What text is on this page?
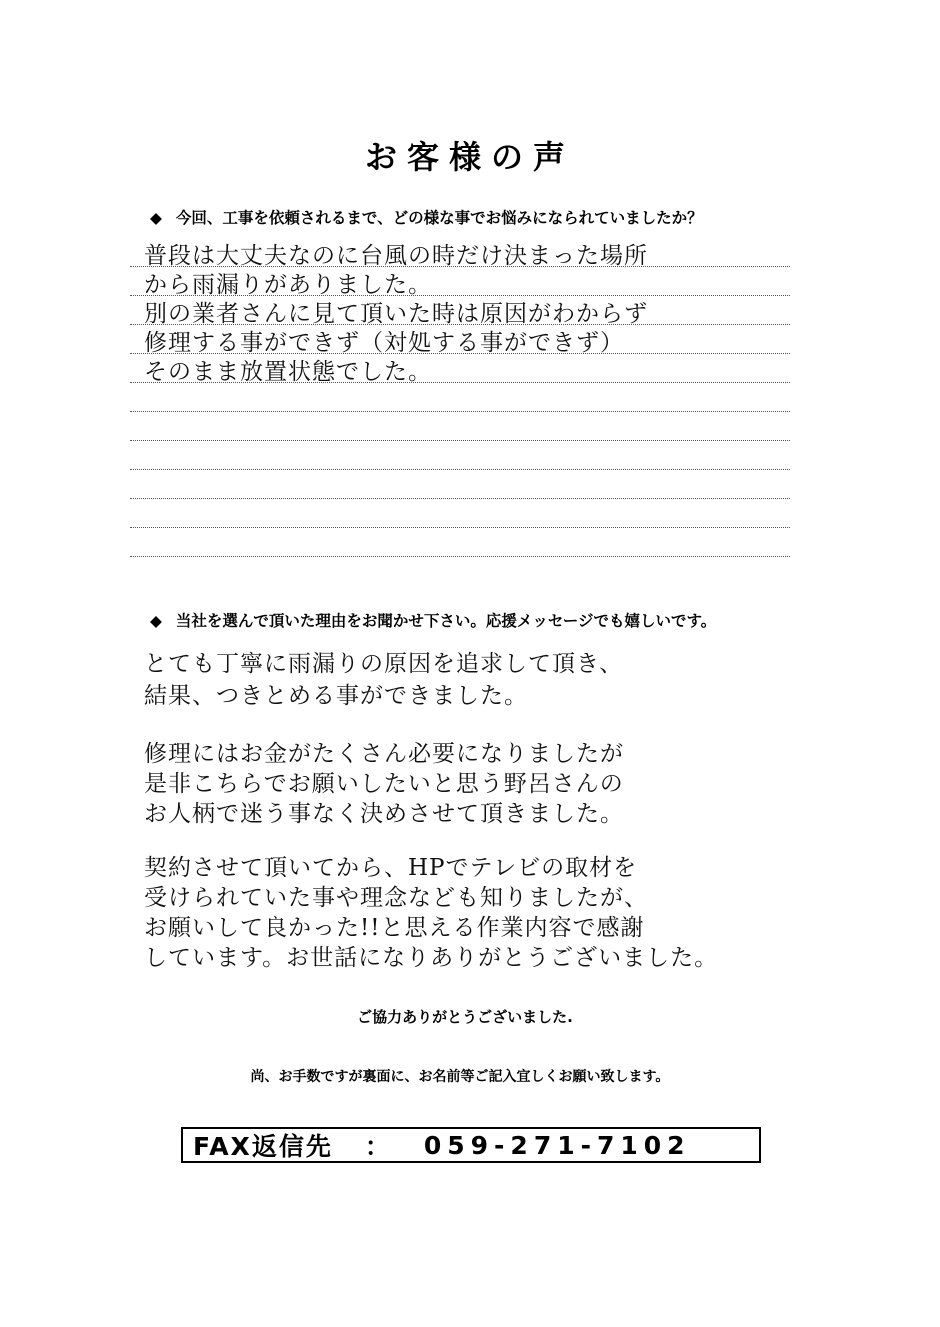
お客様の声
◆ 今回、工事を依頼されるまで、どの様な事でお悩みになられていましたか？
普段は大丈夫なのに台風の時だけ決まった場所
から雨漏りがありました。
別の業者さんに見て頂いた時は原因がわからず
修理する事ができず（対処する事ができず）
そのまま放置状態でした。
◆ 当社を選んで頂いた理由をお聞かせ下さい。応援メッセージでも嬉しいです。
とても丁寧に雨漏りの原因を追求して頂き、
結果、つきとめる事ができました。
修理にはお金がたくさん必要になりましたが
是非こちらでお願いしたいと思う野呂さんの
お人柄で迷う事なく決めさせて頂きました。
契約させて頂いてから、HPでテレビの取材を
受けられていた事や理念なども知りましたが、
お願いして良かった!!と思える作業内容で感謝
しています。お世話になりありがとうございました。
ご協力ありがとうございました.
尚、お手数ですが裏面に、お名前等ご記入宜しくお願い致します。
FAX返信先 ： 059-271-7102
